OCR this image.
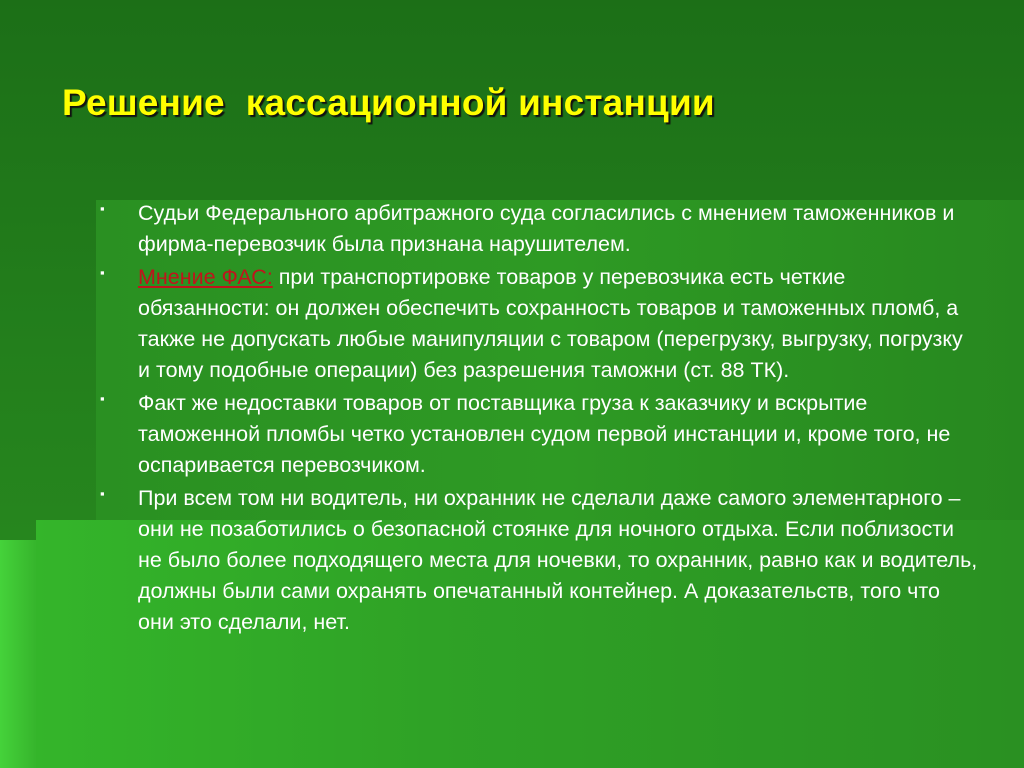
Решение  кассационной инстанции
▪ Судьи Федерального арбитражного суда согласились с мнением таможенников и фирма-перевозчик была признана нарушителем.
▪ Мнение ФАС: при транспортировке товаров у перевозчика есть четкие обязанности: он должен обеспечить сохранность товаров и таможенных пломб, а также не допускать любые манипуляции с товаром (перегрузку, выгрузку, погрузку и тому подобные операции) без разрешения таможни (ст. 88 ТК).
▪ Факт же недоставки товаров от поставщика груза к заказчику и вскрытие таможенной пломбы четко установлен судом первой инстанции и, кроме того, не оспаривается перевозчиком.
▪ При всем том ни водитель, ни охранник не сделали даже самого элементарного – они не позаботились о безопасной стоянке для ночного отдыха. Если поблизости не было более подходящего места для ночевки, то охранник, равно как и водитель, должны были сами охранять опечатанный контейнер. А доказательств, того что они это сделали, нет.
